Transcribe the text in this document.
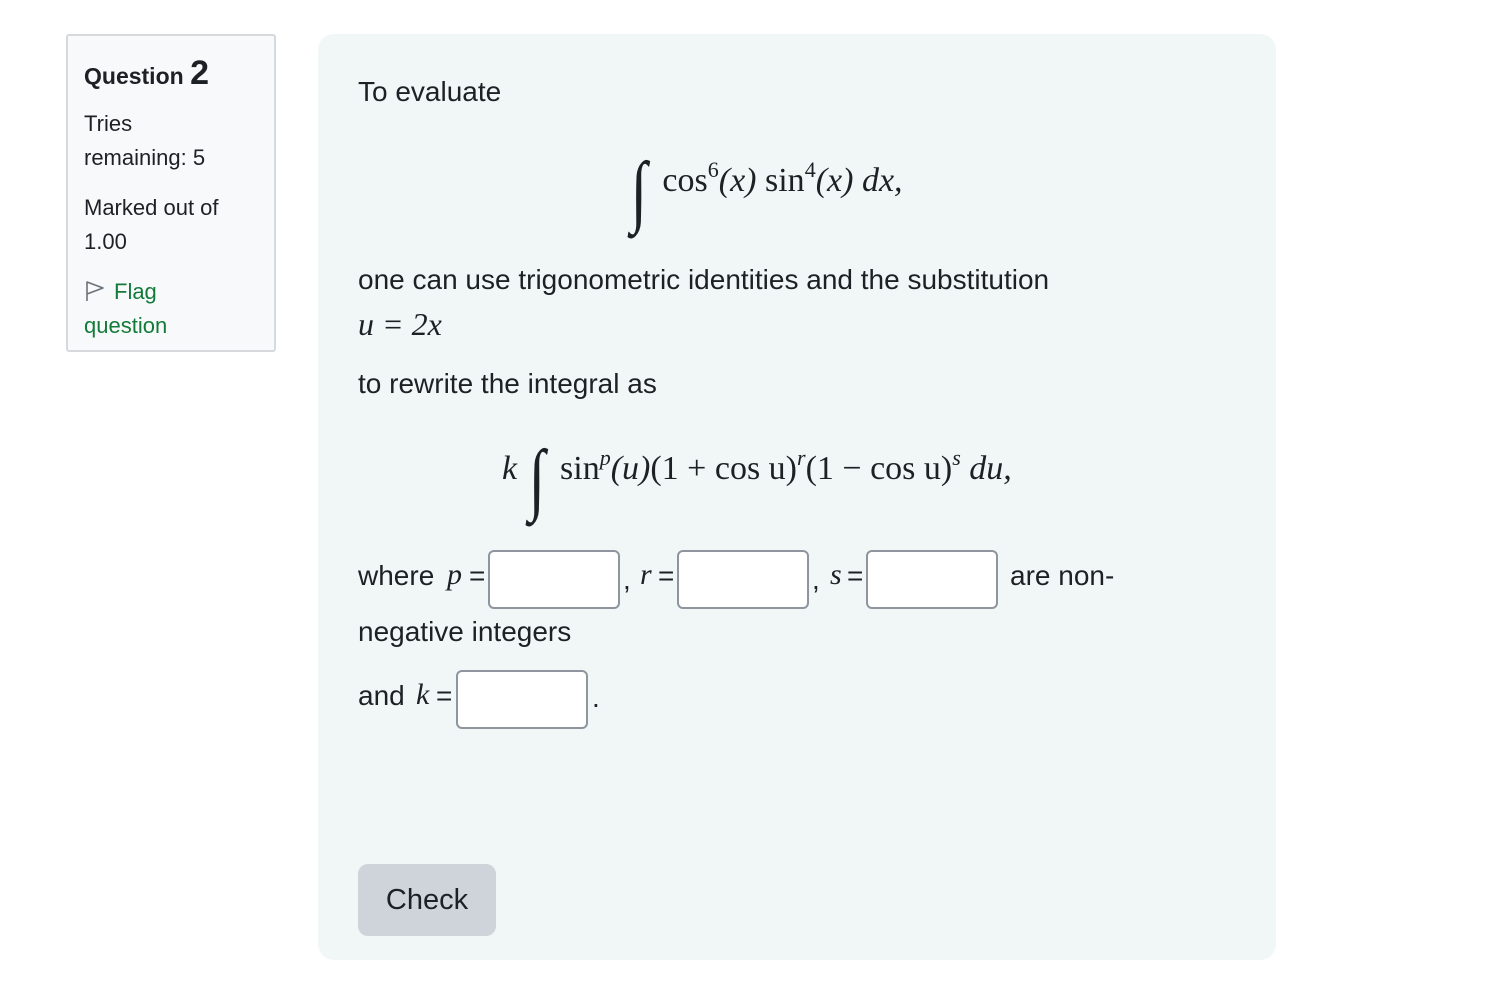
Question 2
Tries
remaining: 5
Marked out of
1.00
Flag
question
To evaluate
∫ $\cos^6(x)$ $\sin^4(x)$ dx,
one can use trigonometric identities and the substitution
u = 2x
to rewrite the integral as
k ∫ $\sin^p(u)(1 + \cos u)^r(1 - \cos u)^s$ du,
where p =	, r =	, s =	are non-
negative integers
and k =	.
Check
